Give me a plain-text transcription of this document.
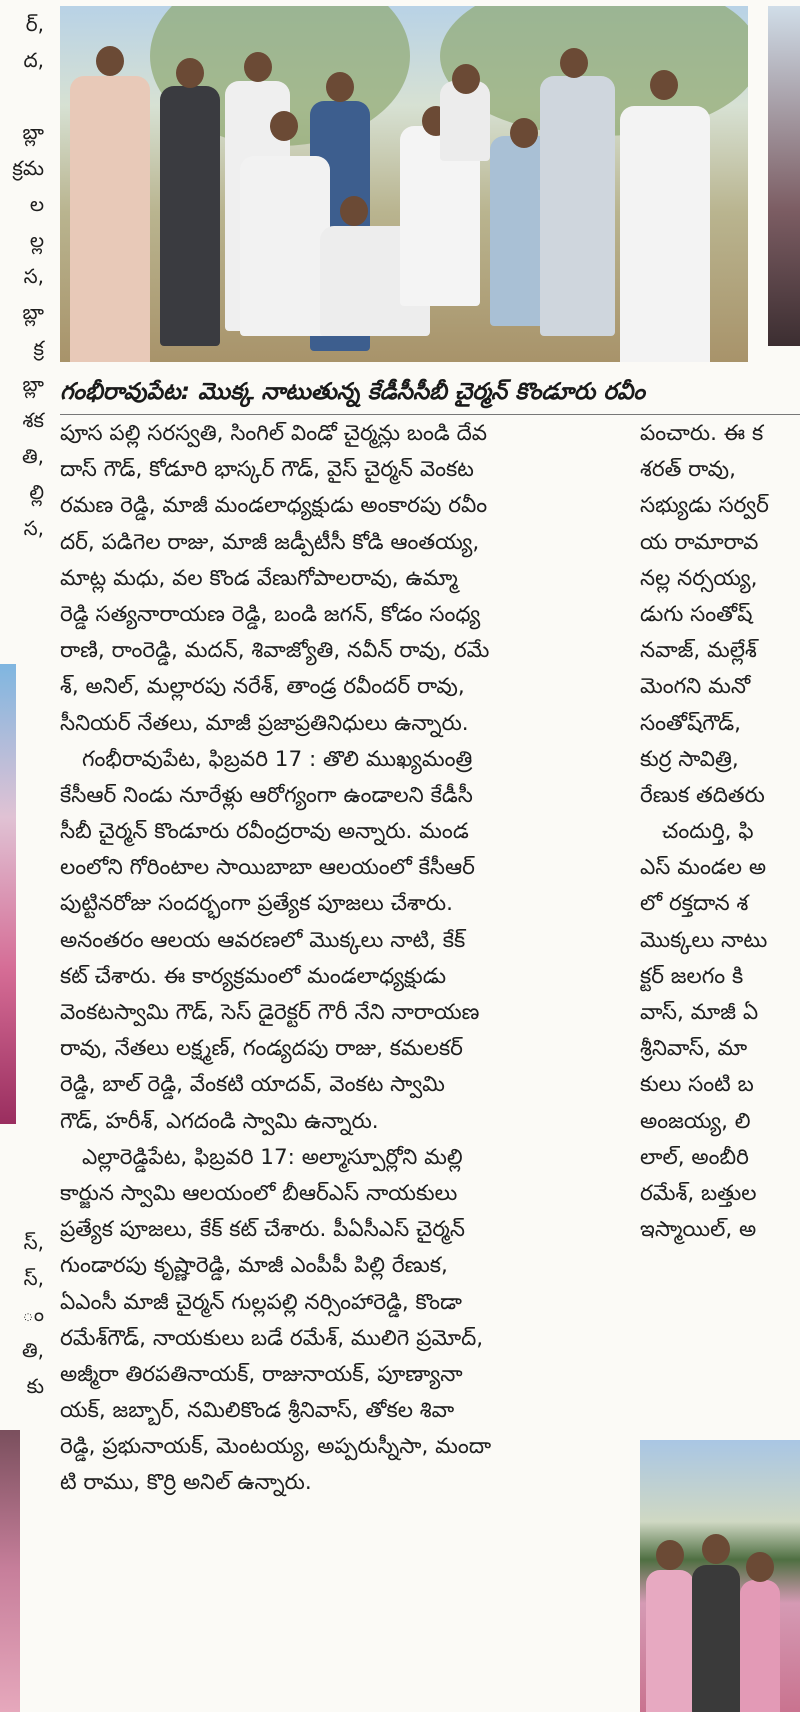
ర్,
ద,
బ్లా
క్రమ
ల
ల్ల
స,
బ్లా
క్ర
బ్లా
శక
తి,
ల్లి
స,
స్,
స్,
ం
తి,
కు
గంభీరావుపేట: మొక్క నాటుతున్న కేడీసీసీబీ చైర్మన్ కొండూరు రవీం
పూస పల్లి సరస్వతి, సింగిల్ విండో చైర్మన్లు బండి దేవ
దాస్ గౌడ్, కోడూరి భాస్కర్ గౌడ్, వైస్ చైర్మన్ వెంకట
రమణ రెడ్డి, మాజీ మండలాధ్యక్షుడు అంకారపు రవీం
దర్, పడిగెల రాజు, మాజీ జడ్పీటీసీ కోడి ఆంతయ్య,
మాట్ల మధు, వల కొండ వేణుగోపాలరావు, ఉమ్మా
రెడ్డి సత్యనారాయణ రెడ్డి, బండి జగన్, కోడం సంధ్య
రాణి, రాంరెడ్డి, మదన్, శివాజ్యోతి, నవీన్ రావు, రమే
శ్, అనిల్, మల్లారపు నరేశ్, తాండ్ర రవీందర్ రావు,
సీనియర్ నేతలు, మాజీ ప్రజాప్రతినిధులు ఉన్నారు.
గంభీరావుపేట, ఫిబ్రవరి 17 : తొలి ముఖ్యమంత్రి
కేసీఆర్ నిండు నూరేళ్లు ఆరోగ్యంగా ఉండాలని కేడీసీ
సీబీ చైర్మన్ కొండూరు రవీంద్రరావు అన్నారు. మండ
లంలోని గోరింటాల సాయిబాబా ఆలయంలో కేసీఆర్
పుట్టినరోజు సందర్భంగా ప్రత్యేక పూజలు చేశారు.
అనంతరం ఆలయ ఆవరణలో మొక్కలు నాటి, కేక్
కట్ చేశారు. ఈ కార్యక్రమంలో మండలాధ్యక్షుడు
వెంకటస్వామి గౌడ్, సెస్ డైరెక్టర్ గౌరీ నేని నారాయణ
రావు, నేతలు లక్ష్మణ్, గండ్యదపు రాజు, కమలకర్
రెడ్డి, బాల్ రెడ్డి, వేంకటి యాదవ్, వెంకట స్వామి
గౌడ్, హరీశ్, ఎగదండి స్వామి ఉన్నారు.
ఎల్లారెడ్డిపేట, ఫిబ్రవరి 17: అల్మాస్పూర్లోని మల్లి
కార్జున స్వామి ఆలయంలో బీఆర్ఎస్ నాయకులు
ప్రత్యేక పూజలు, కేక్ కట్ చేశారు. పీఏసీఎస్ చైర్మన్
గుండారపు కృష్ణారెడ్డి, మాజీ ఎంపీపీ పిల్లి రేణుక,
ఏఎంసీ మాజీ చైర్మన్ గుల్లపల్లి నర్సింహారెడ్డి, కొండా
రమేశ్‌గౌడ్, నాయకులు బడే రమేశ్, ములిగె ప్రమోద్,
అజ్మీరా తిరపతినాయక్, రాజునాయక్, పూణ్యానా
యక్, జబ్బార్, నమిలికొండ శ్రీనివాస్, తోకల శివా
రెడ్డి, ప్రభునాయక్, మెంటయ్య, అప్పరుస్నీసా, మందా
టి రాము, కొర్రి అనిల్ ఉన్నారు.
పంచారు. ఈ క
శరత్ రావు,
సభ్యుడు సర్వర్
య రామారావ
నల్ల నర్సయ్య,
డుగు సంతోష్
నవాజ్, మల్లేశ్
మెంగని మనో
సంతోష్‌గౌడ్,
కుర్ర సావిత్రి,
రేణుక తదితరు
చందుర్తి, ఫి
ఎస్ మండల అ
లో రక్తదాన శ
మొక్కలు నాటు
క్టర్ జలగం కి
వాస్, మాజీ ఏ
శ్రీనివాస్, మా
కులు సంటి బ
అంజయ్య, లి
లాల్, అంబీరి
రమేశ్, బత్తుల
ఇస్మాయిల్, అ
